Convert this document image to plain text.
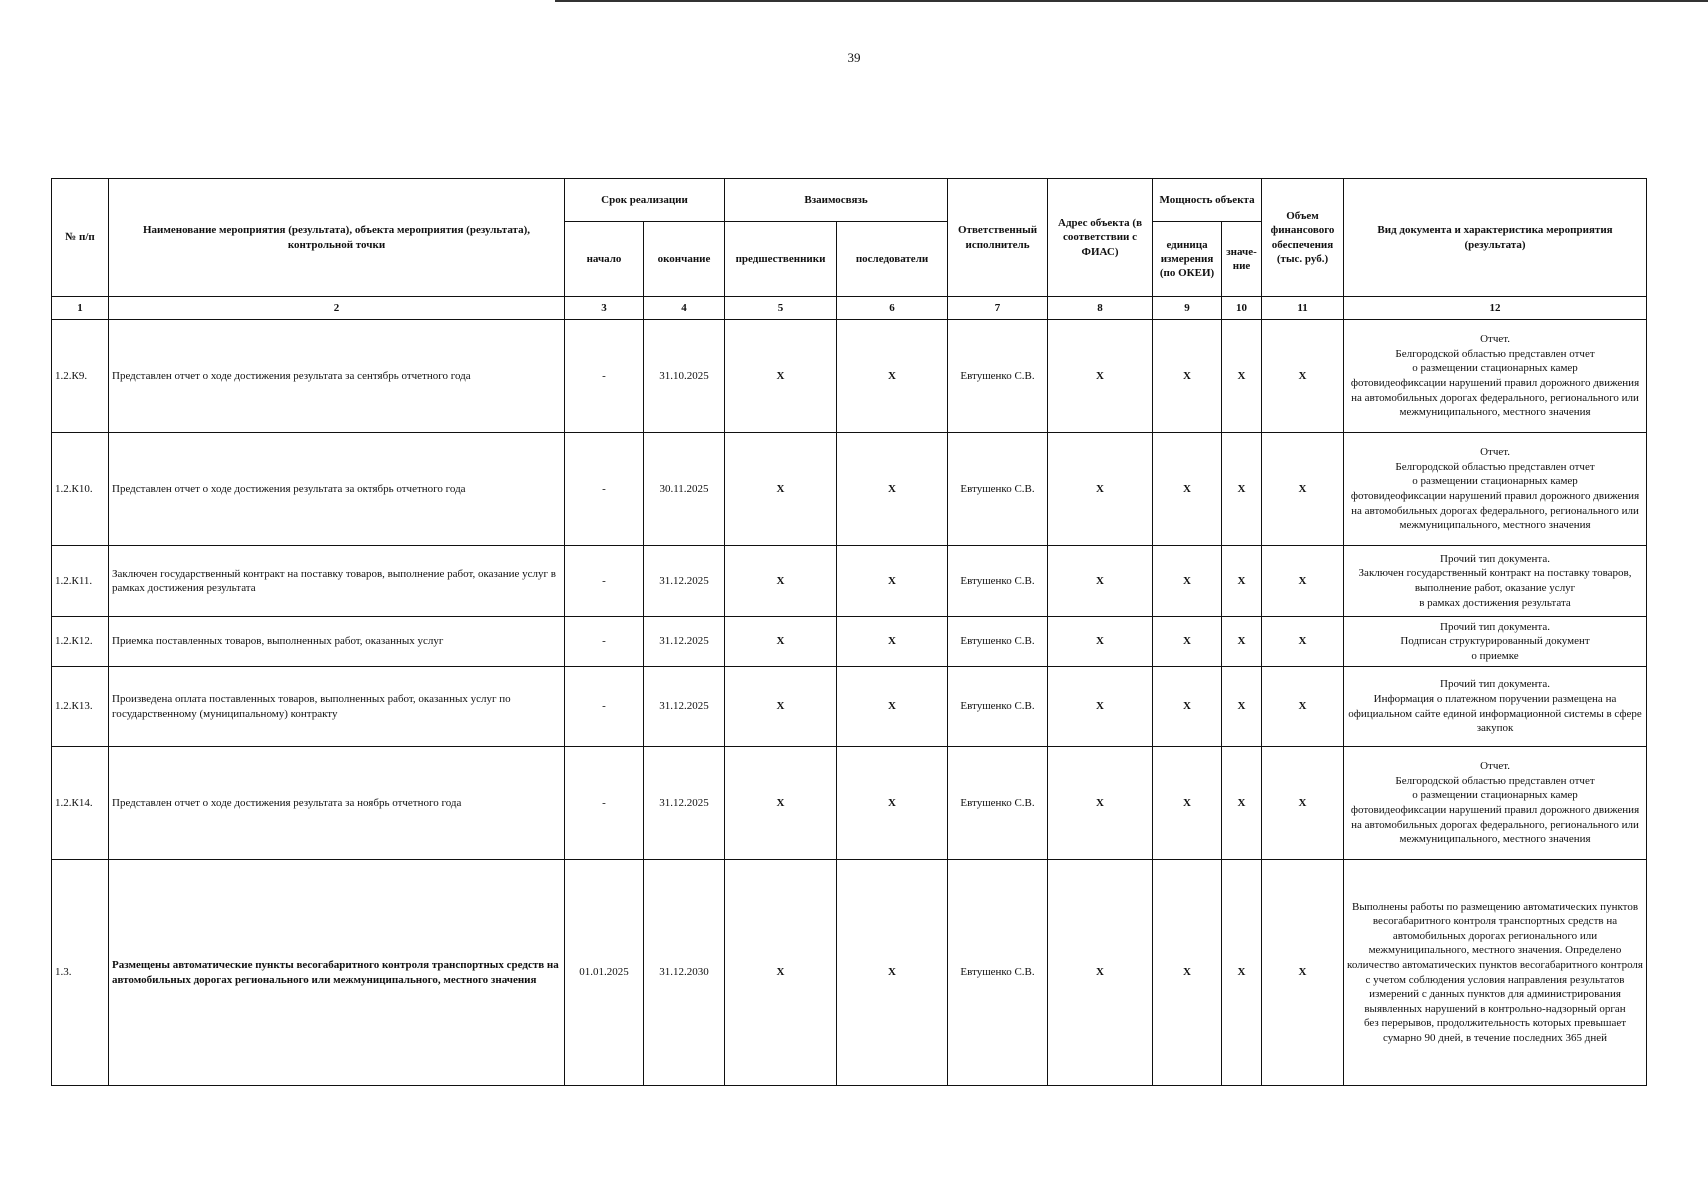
39
№ п/п	Наименование мероприятия (результата), объекта мероприятия (результата), контрольной точки	Срок реализации		Взаимосвязь		Ответственный исполнитель	Адрес объекта (в соответствии с ФИАС)	Мощность объекта		Объем финансового обеспечения (тыс. руб.)	Вид документа и характеристика мероприятия (результата)
		начало	окончание	предшественники	последователи			единица измерения (по ОКЕИ)	значе-ние		
1	2	3	4	5	6	7	8	9	10	11	12
1.2.К9.	Представлен отчет о ходе достижения результата за сентябрь отчетного года	-	31.10.2025	X	X	Евтушенко С.В.	X	X	X	X	Отчет.
Белгородской областью представлен отчет
о размещении стационарных камер
фотовидеофиксации нарушений правил дорожного движения на автомобильных дорогах федерального, регионального или межмуниципального, местного значения
1.2.К10.	Представлен отчет о ходе достижения результата за октябрь отчетного года	-	30.11.2025	X	X	Евтушенко С.В.	X	X	X	X	Отчет.
Белгородской областью представлен отчет
о размещении стационарных камер
фотовидеофиксации нарушений правил дорожного движения на автомобильных дорогах федерального, регионального или межмуниципального, местного значения
1.2.К11.	Заключен государственный контракт на поставку товаров, выполнение работ, оказание услуг в рамках достижения результата	-	31.12.2025	X	X	Евтушенко С.В.	X	X	X	X	Прочий тип документа.
Заключен государственный контракт на поставку товаров, выполнение работ, оказание услуг
в рамках достижения результата
1.2.К12.	Приемка поставленных товаров, выполненных работ, оказанных услуг	-	31.12.2025	X	X	Евтушенко С.В.	X	X	X	X	Прочий тип документа.
Подписан структурированный документ
о приемке
1.2.К13.	Произведена оплата поставленных товаров, выполненных работ, оказанных услуг по государственному (муниципальному) контракту	-	31.12.2025	X	X	Евтушенко С.В.	X	X	X	X	Прочий тип документа.
Информация о платежном поручении размещена на официальном сайте единой информационной системы в сфере закупок
1.2.К14.	Представлен отчет о ходе достижения результата за ноябрь отчетного года	-	31.12.2025	X	X	Евтушенко С.В.	X	X	X	X	Отчет.
Белгородской областью представлен отчет
о размещении стационарных камер
фотовидеофиксации нарушений правил дорожного движения на автомобильных дорогах федерального, регионального или межмуниципального, местного значения
1.3.	Размещены автоматические пункты весогабаритного контроля транспортных средств на автомобильных дорогах регионального или межмуниципального, местного значения	01.01.2025	31.12.2030	X	X	Евтушенко С.В.	X	X	X	X	Выполнены работы по размещению автоматических пунктов весогабаритного контроля транспортных средств на автомобильных дорогах регионального или межмуниципального, местного значения. Определено количество автоматических пунктов весогабаритного контроля с учетом соблюдения условия направления результатов измерений с данных пунктов для администрирования выявленных нарушений в контрольно-надзорный орган
без перерывов, продолжительность которых превышает сумарно 90 дней, в течение последних 365 дней
